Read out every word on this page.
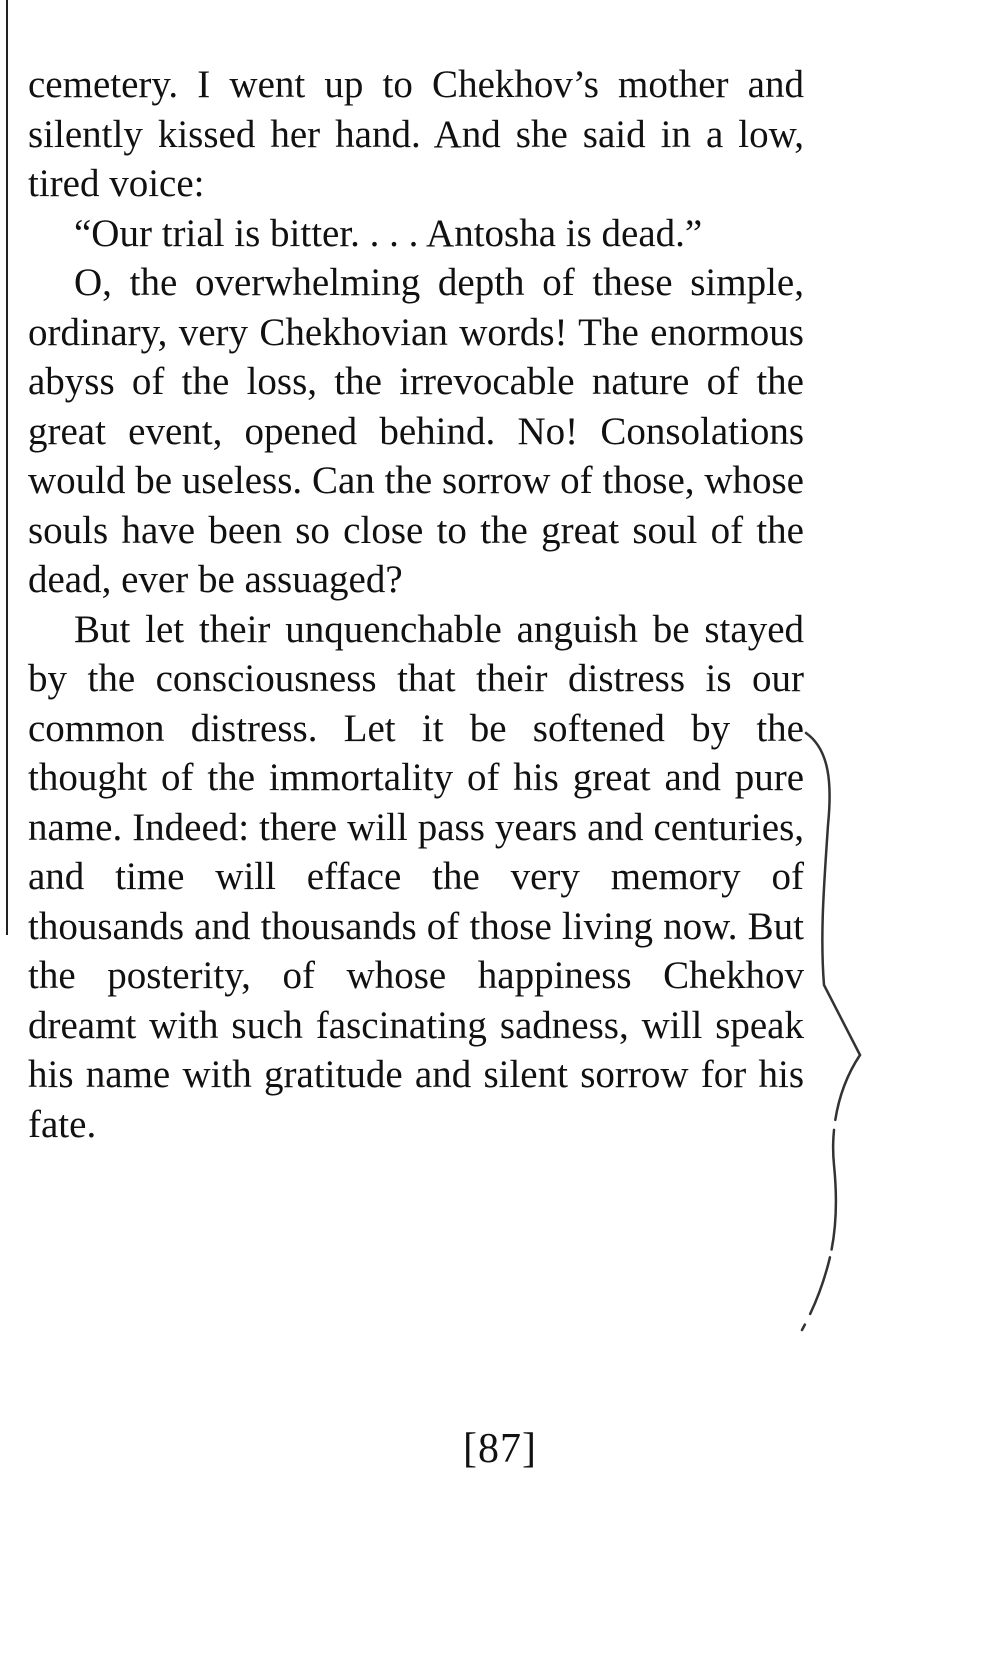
cemetery. I went up to Chekhov’s mother and silently kissed her hand. And she said in a low, tired voice:

“Our trial is bitter. . . . Antosha is dead.”

O, the overwhelming depth of these simple, ordinary, very Chekhovian words! The enormous abyss of the loss, the irrevocable nature of the great event, opened behind. No! Consolations would be useless. Can the sorrow of those, whose souls have been so close to the great soul of the dead, ever be assuaged?

But let their unquenchable anguish be stayed by the consciousness that their distress is our common distress. Let it be softened by the thought of the immortality of his great and pure name. Indeed: there will pass years and centuries, and time will efface the very memory of thousands and thousands of those living now. But the posterity, of whose happiness Chekhov dreamt with such fascinating sadness, will speak his name with gratitude and silent sorrow for his fate.

[87]
